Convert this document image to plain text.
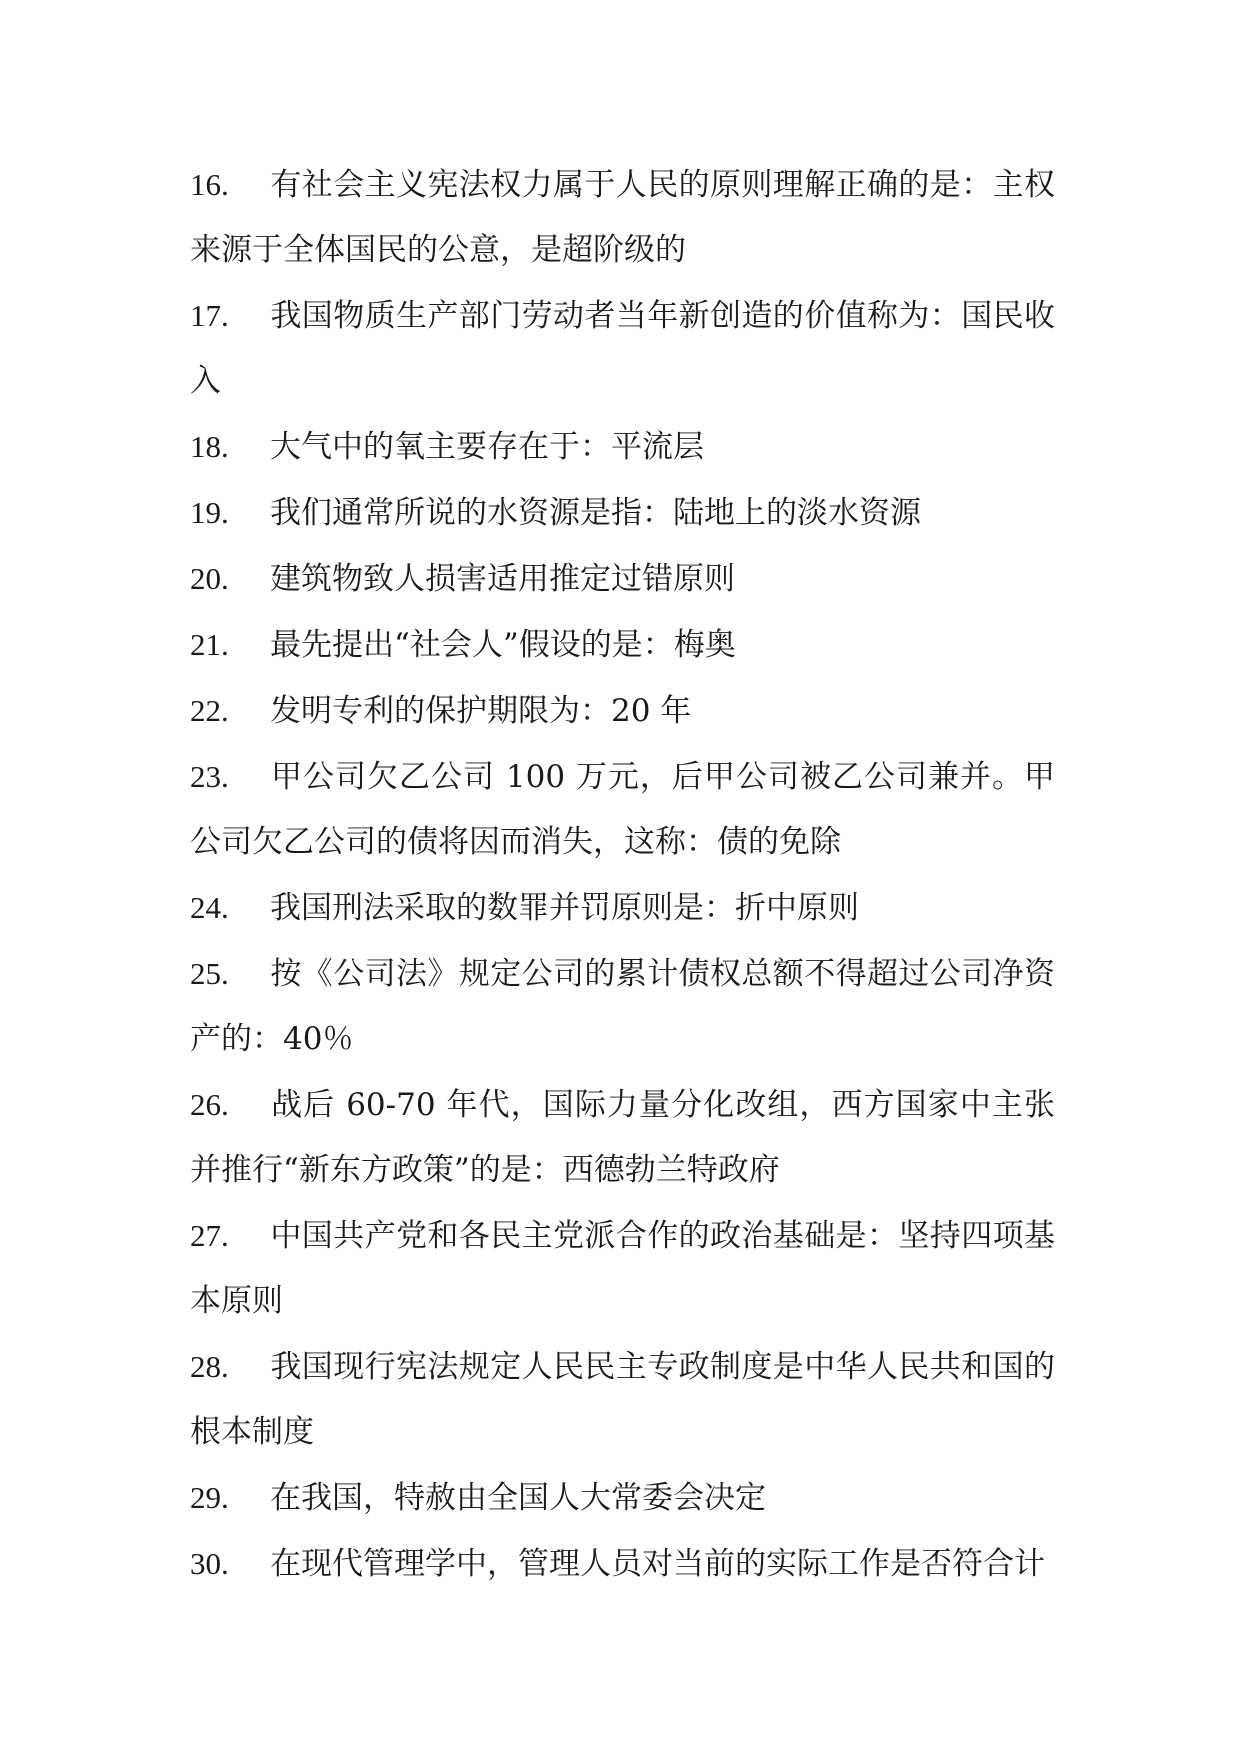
16. 有社会主义宪法权力属于人民的原则理解正确的是：主权来源于全体国民的公意，是超阶级的

17. 我国物质生产部门劳动者当年新创造的价值称为：国民收入

18. 大气中的氧主要存在于：平流层

19. 我们通常所说的水资源是指：陆地上的淡水资源

20. 建筑物致人损害适用推定过错原则

21. 最先提出“社会人”假设的是：梅奥

22. 发明专利的保护期限为：20 年

23. 甲公司欠乙公司 100 万元，后甲公司被乙公司兼并。甲公司欠乙公司的债将因而消失，这称：债的免除

24. 我国刑法采取的数罪并罚原则是：折中原则

25. 按《公司法》规定公司的累计债权总额不得超过公司净资产的：40％

26. 战后 60-70 年代，国际力量分化改组，西方国家中主张并推行“新东方政策”的是：西德勃兰特政府

27. 中国共产党和各民主党派合作的政治基础是：坚持四项基本原则

28. 我国现行宪法规定人民民主专政制度是中华人民共和国的根本制度

29. 在我国，特赦由全国人大常委会决定

30. 在现代管理学中，管理人员对当前的实际工作是否符合计
